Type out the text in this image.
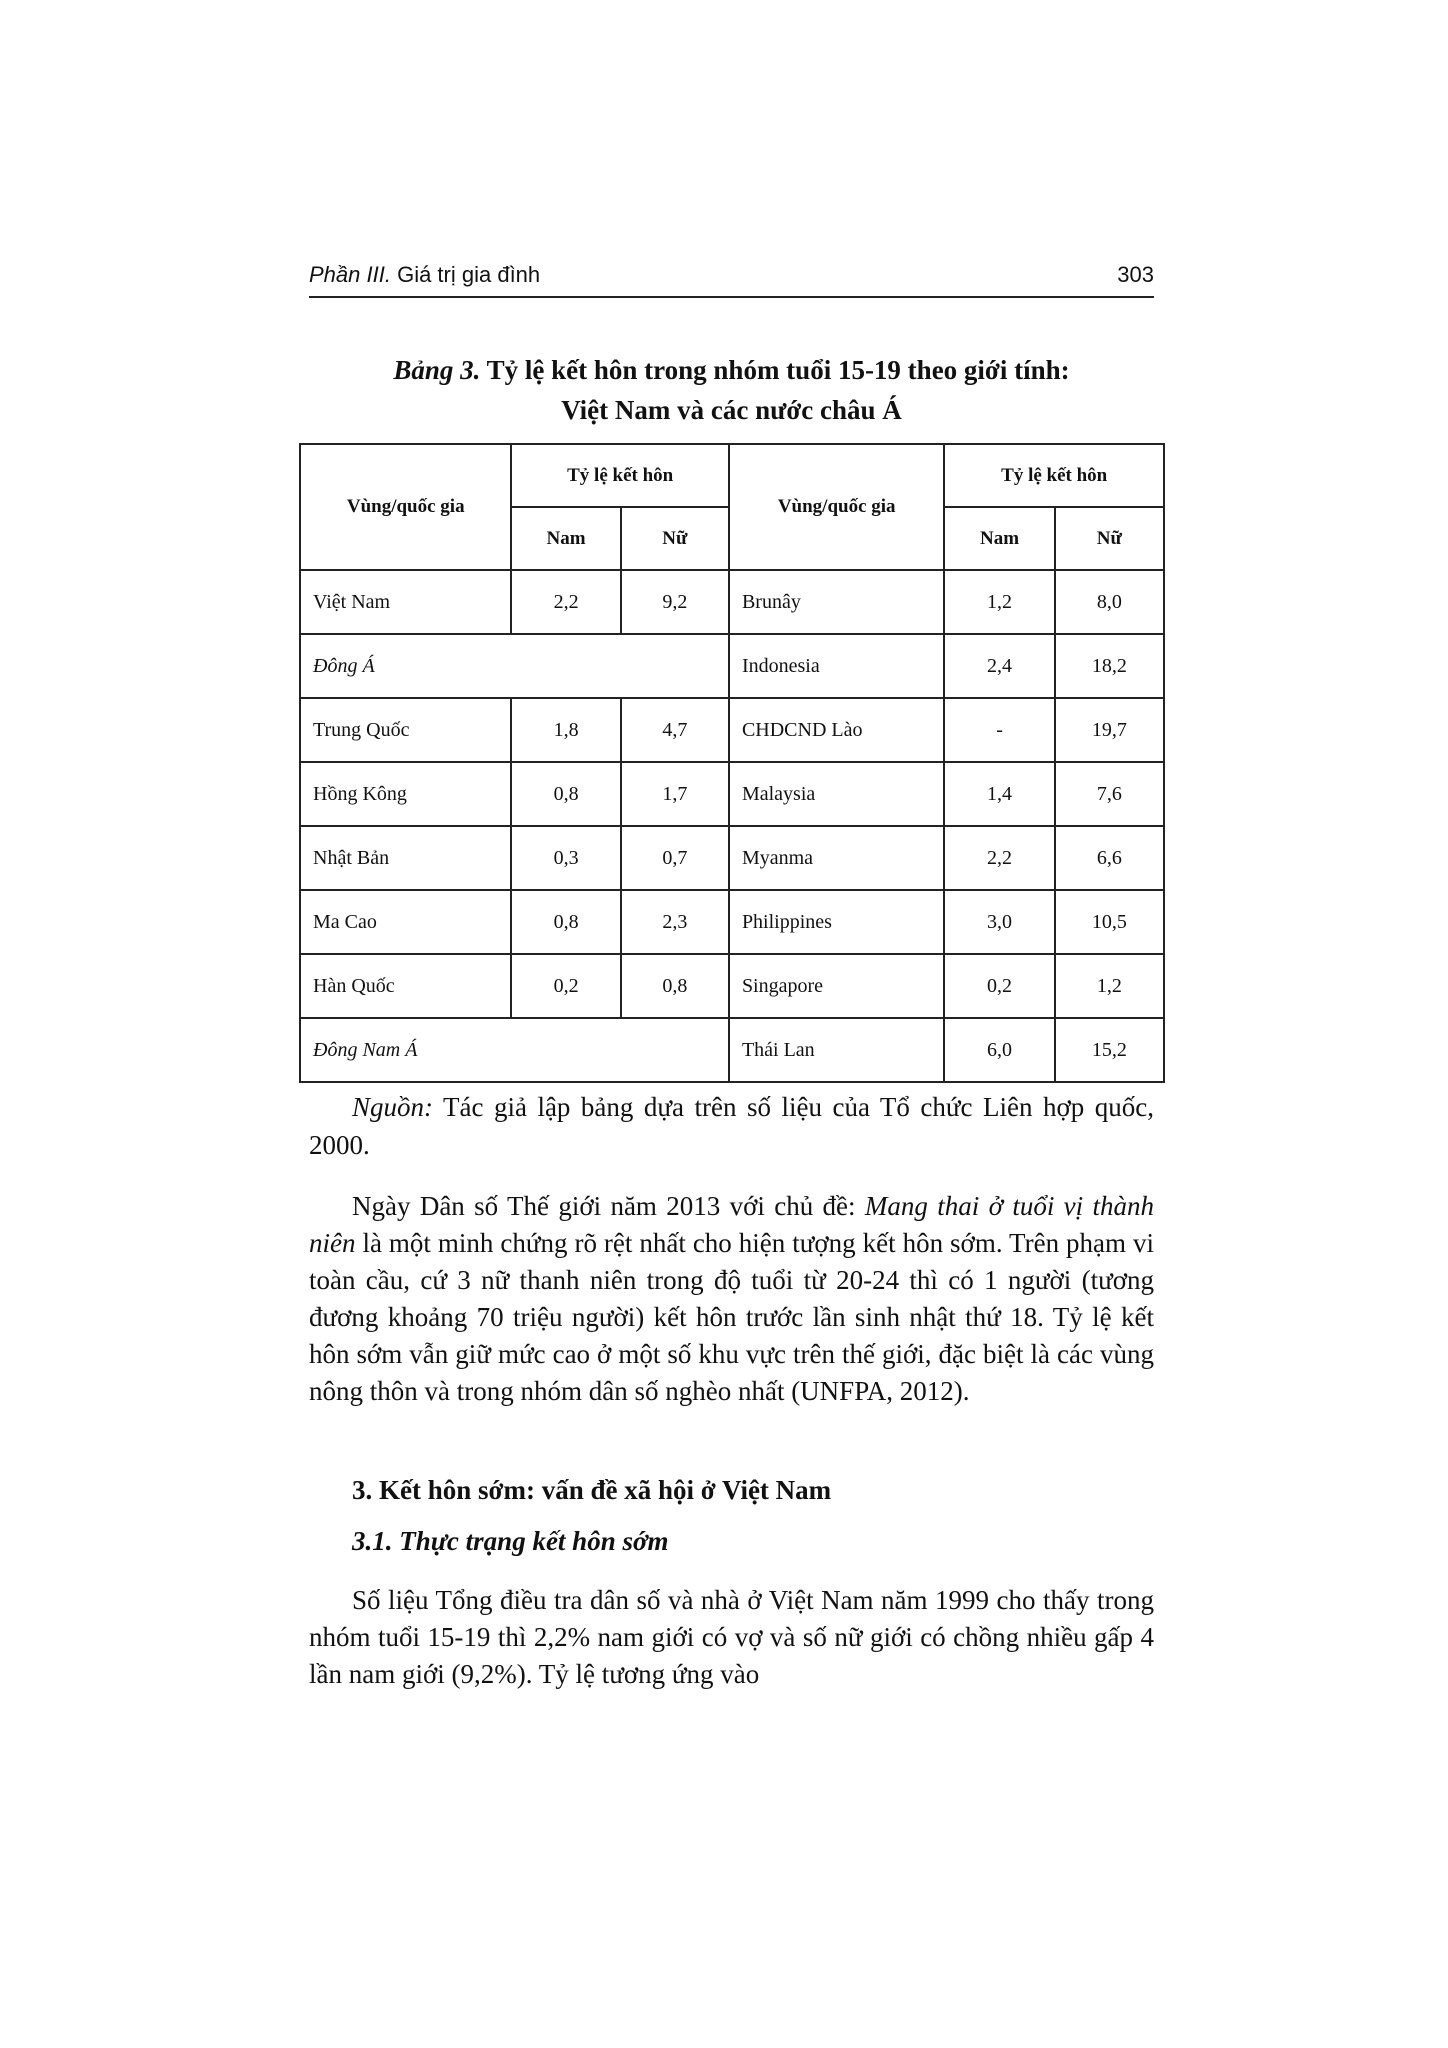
Phần III. Giá trị gia đình	303
Bảng 3. Tỷ lệ kết hôn trong nhóm tuổi 15-19 theo giới tính:
Việt Nam và các nước châu Á
Vùng/quốc gia	Tỷ lệ kết hôn		Vùng/quốc gia	Tỷ lệ kết hôn	
	Nam	Nữ		Nam	Nữ
Việt Nam	2,2	9,2	Brunây	1,2	8,0
Đông Á			Indonesia	2,4	18,2
Trung Quốc	1,8	4,7	CHDCND Lào	-	19,7
Hồng Kông	0,8	1,7	Malaysia	1,4	7,6
Nhật Bản	0,3	0,7	Myanma	2,2	6,6
Ma Cao	0,8	2,3	Philippines	3,0	10,5
Hàn Quốc	0,2	0,8	Singapore	0,2	1,2
Đông Nam Á			Thái Lan	6,0	15,2
Nguồn: Tác giả lập bảng dựa trên số liệu của Tổ chức Liên hợp quốc, 2000.
Ngày Dân số Thế giới năm 2013 với chủ đề: Mang thai ở tuổi vị thành niên là một minh chứng rõ rệt nhất cho hiện tượng kết hôn sớm. Trên phạm vi toàn cầu, cứ 3 nữ thanh niên trong độ tuổi từ 20-24 thì có 1 người (tương đương khoảng 70 triệu người) kết hôn trước lần sinh nhật thứ 18. Tỷ lệ kết hôn sớm vẫn giữ mức cao ở một số khu vực trên thế giới, đặc biệt là các vùng nông thôn và trong nhóm dân số nghèo nhất (UNFPA, 2012).
3. Kết hôn sớm: vấn đề xã hội ở Việt Nam
3.1. Thực trạng kết hôn sớm
Số liệu Tổng điều tra dân số và nhà ở Việt Nam năm 1999 cho thấy trong nhóm tuổi 15-19 thì 2,2% nam giới có vợ và số nữ giới có chồng nhiều gấp 4 lần nam giới (9,2%). Tỷ lệ tương ứng vào
